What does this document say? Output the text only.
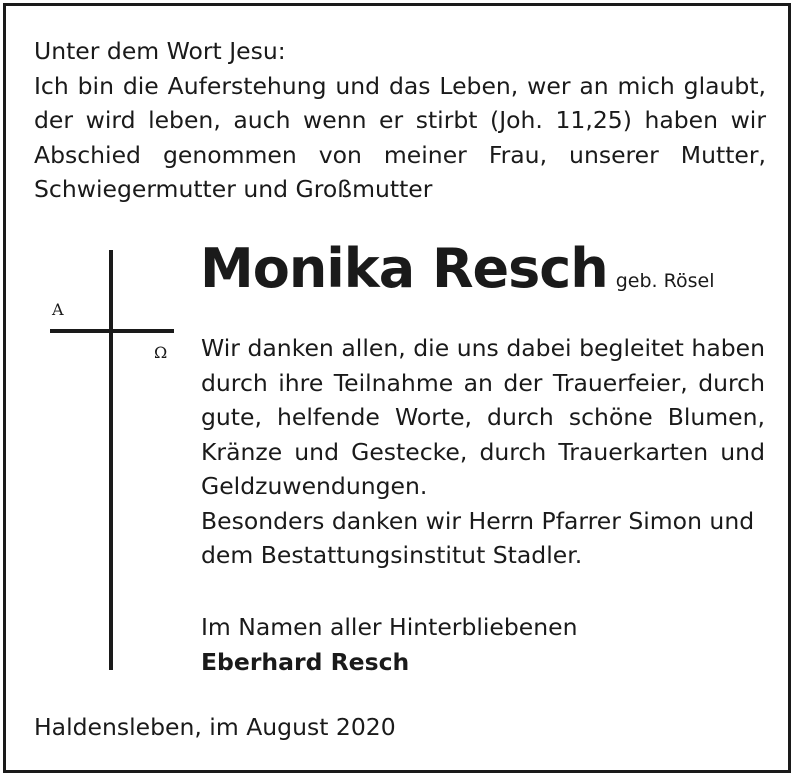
Unter dem Wort Jesu:
Ich bin die Auferstehung und das Leben, wer an mich glaubt,
der wird leben, auch wenn er stirbt (Joh. 11,25) haben wir
Abschied genommen von meiner Frau, unserer Mutter,
Schwiegermutter und Großmutter
A
Ω
Monika Resch geb. Rösel
Wir danken allen, die uns dabei begleitet haben
durch ihre Teilnahme an der Trauerfeier, durch
gute, helfende Worte, durch schöne Blumen,
Kränze und Gestecke, durch Trauerkarten und
Geldzuwendungen.
Besonders danken wir Herrn Pfarrer Simon und
dem Bestattungsinstitut Stadler.
Im Namen aller Hinterbliebenen
Eberhard Resch
Haldensleben, im August 2020
